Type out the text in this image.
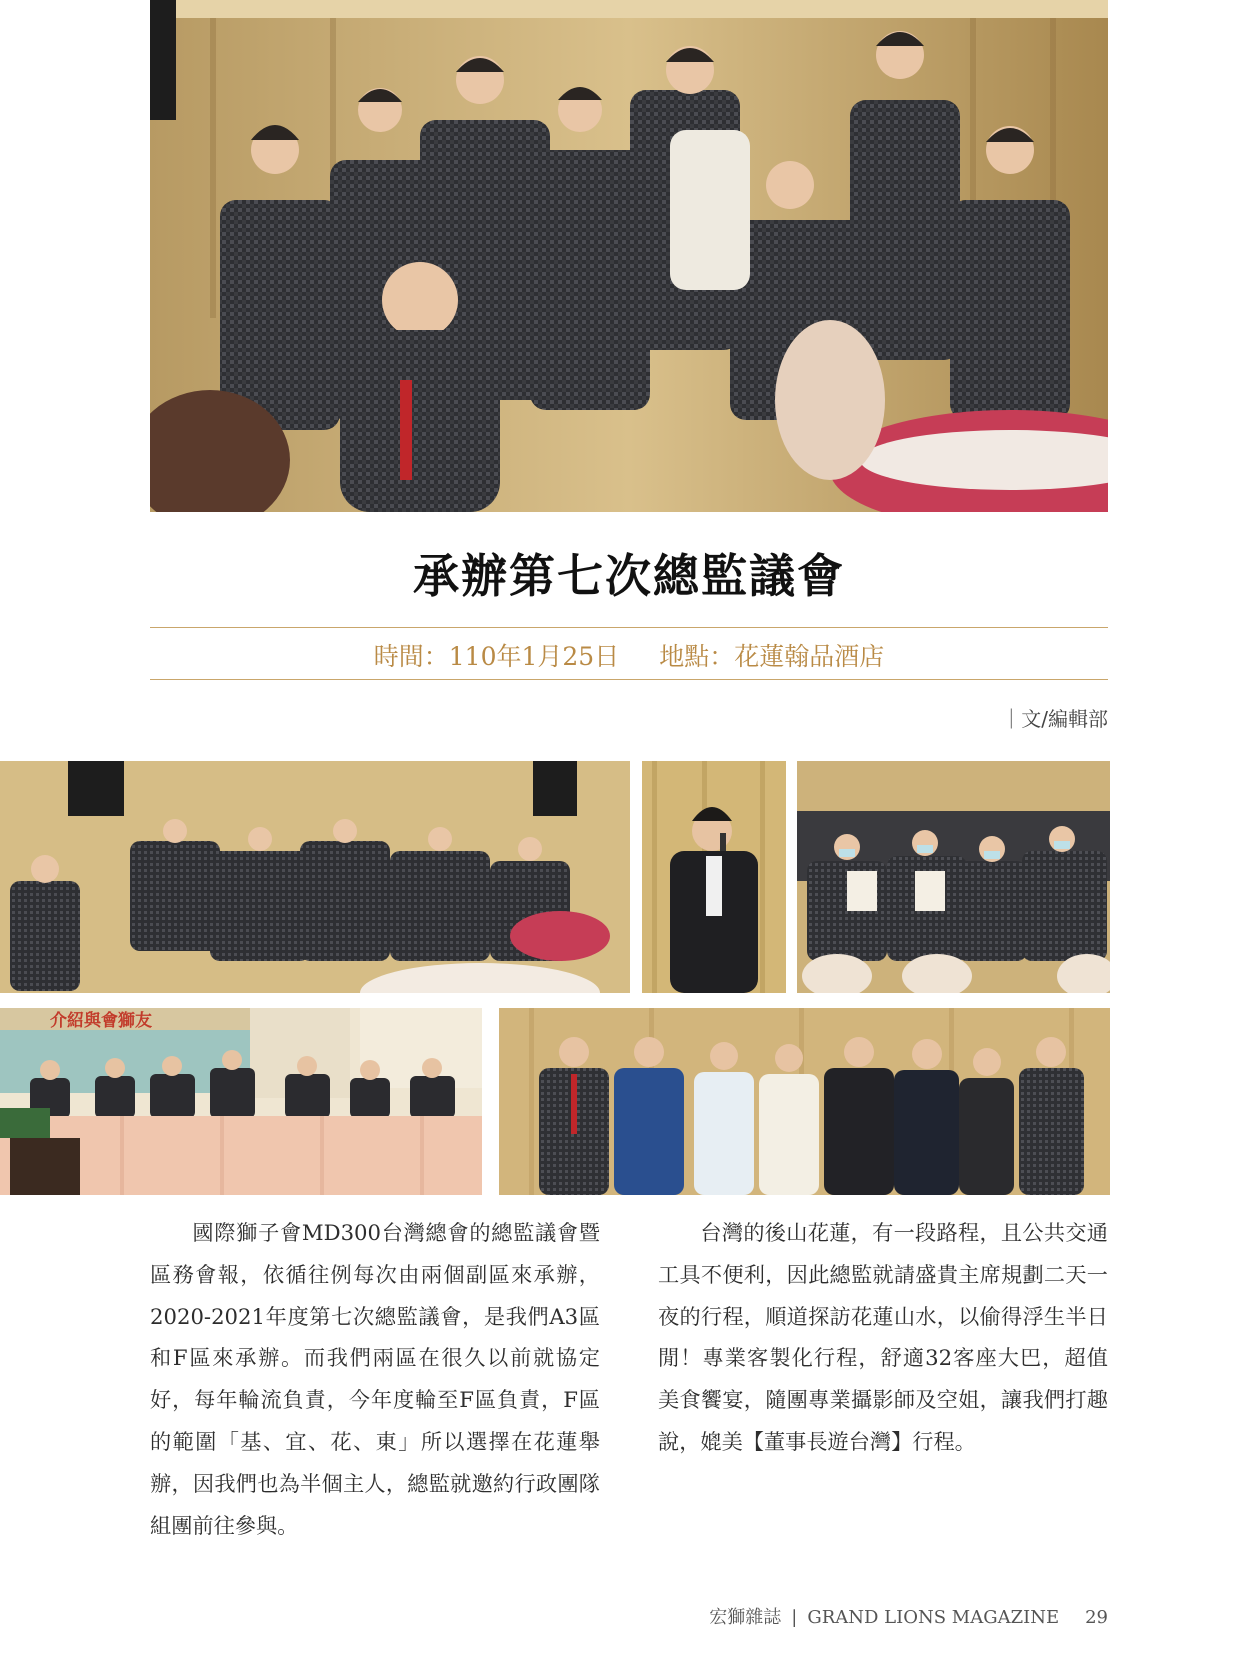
承辦第七次總監議會
時間：110年1月25日 地點：花蓮翰品酒店
｜文/編輯部
介紹與會獅友
國際獅子會MD300台灣總會的總監議會暨區務會報，依循往例每次由兩個副區來承辦，2020-2021年度第七次總監議會，是我們A3區和F區來承辦。而我們兩區在很久以前就協定好，每年輪流負責，今年度輪至F區負責，F區的範圍「基、宜、花、東」所以選擇在花蓮舉辦，因我們也為半個主人，總監就邀約行政團隊組團前往參與。
台灣的後山花蓮，有一段路程，且公共交通工具不便利，因此總監就請盛貴主席規劃二天一夜的行程，順道探訪花蓮山水，以偷得浮生半日閒！專業客製化行程，舒適32客座大巴，超值美食饗宴，隨團專業攝影師及空姐，讓我們打趣說，媲美【董事長遊台灣】行程。
宏獅雜誌 | GRAND LIONS MAGAZINE 29
